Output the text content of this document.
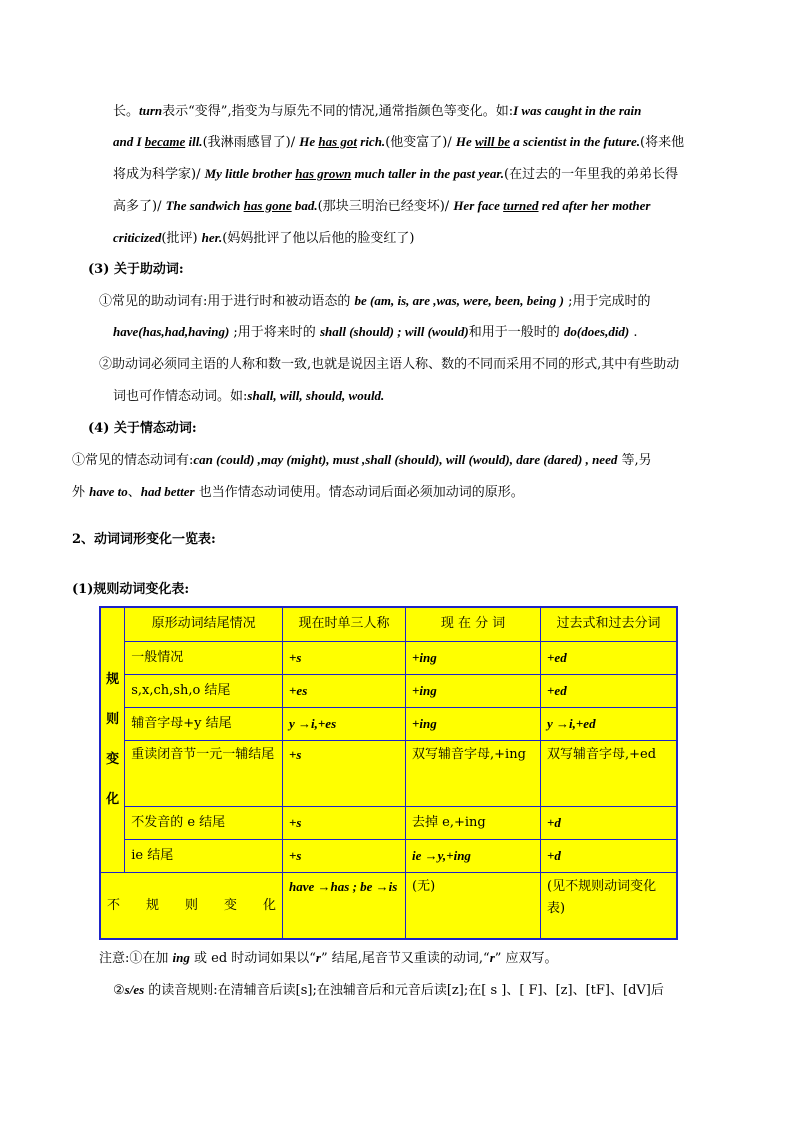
长。turn表示“变得”,指变为与原先不同的情况,通常指颜色等变化。如:I was caught in the rain
and I became ill.(我淋雨感冒了)/ He has got rich.(他变富了)/ He will be a scientist in the future.(将来他
将成为科学家)/ My little brother has grown much taller in the past year.(在过去的一年里我的弟弟长得
高多了)/ The sandwich has gone bad.(那块三明治已经变坏)/ Her face turned red after her mother
criticized(批评) her.(妈妈批评了他以后他的脸变红了)
(3) 关于助动词:
①常见的助动词有:用于进行时和被动语态的 be (am, is, are ,was, were, been, being ) ;用于完成时的
have(has,had,having) ;用于将来时的 shall (should) ; will (would)和用于一般时的 do(does,did) .
②助动词必须同主语的人称和数一致,也就是说因主语人称、数的不同而采用不同的形式,其中有些助动
词也可作情态动词。如:shall, will, should, would.
(4) 关于情态动词:
①常见的情态动词有:can (could) ,may (might), must ,shall (should), will (would), dare (dared) , need 等,另
外 have to、had better 也当作情态动词使用。情态动词后面必须加动词的原形。
2、动词词形变化一览表:
(1)规则动词变化表:
规
则
变
化	原形动词结尾情况	现在时单三人称	现 在 分 词	过去式和过去分词
	一般情况	+s	+ing	+ed
	s,x,ch,sh,o 结尾	+es	+ing	+ed
	辅音字母+y 结尾	y →i,+es	+ing	y →i,+ed
	重读闭音节一元一辅结尾	+s	双写辅音字母,+ing	双写辅音字母,+ed
	不发音的 e 结尾	+s	去掉 e,+ing	+d
	ie 结尾	+s	ie →y,+ing	+d
不　　规　　则　　变　　化		have →has ; be →is	(无)	(见不规则动词变化表)
注意:①在加 ing 或 ed 时动词如果以“r” 结尾,尾音节又重读的动词,“r” 应双写。
②s/es 的读音规则:在清辅音后读[s];在浊辅音后和元音后读[z];在[ s ]、[ F]、[z]、[tF]、[dV]后
